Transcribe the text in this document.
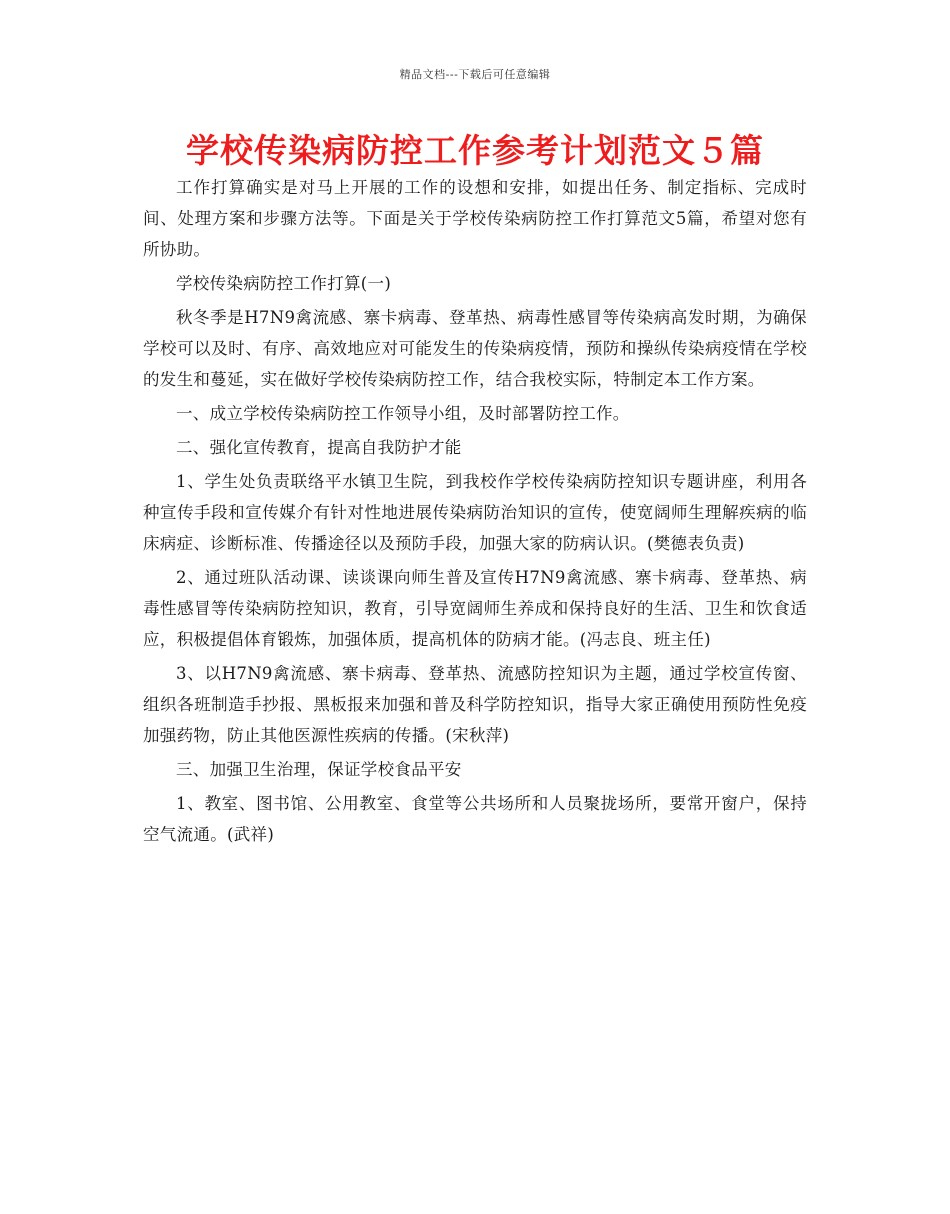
精品文档---下载后可任意编辑
学校传染病防控工作参考计划范文５篇

工作打算确实是对马上开展的工作的设想和安排，如提出任务、制定指标、完成时间、处理方案和步骤方法等。下面是关于学校传染病防控工作打算范文5篇，希望对您有所协助。

学校传染病防控工作打算(一)

秋冬季是H7N9禽流感、寨卡病毒、登革热、病毒性感冒等传染病高发时期，为确保学校可以及时、有序、高效地应对可能发生的传染病疫情，预防和操纵传染病疫情在学校的发生和蔓延，实在做好学校传染病防控工作，结合我校实际，特制定本工作方案。

一、成立学校传染病防控工作领导小组，及时部署防控工作。

二、强化宣传教育，提高自我防护才能

1、学生处负责联络平水镇卫生院，到我校作学校传染病防控知识专题讲座，利用各种宣传手段和宣传媒介有针对性地进展传染病防治知识的宣传，使宽阔师生理解疾病的临床病症、诊断标准、传播途径以及预防手段，加强大家的防病认识。(樊德表负责)

2、通过班队活动课、读谈课向师生普及宣传H7N9禽流感、寨卡病毒、登革热、病毒性感冒等传染病防控知识，教育，引导宽阔师生养成和保持良好的生活、卫生和饮食适应，积极提倡体育锻炼，加强体质，提高机体的防病才能。(冯志良、班主任)

3、以H7N9禽流感、寨卡病毒、登革热、流感防控知识为主题，通过学校宣传窗、组织各班制造手抄报、黑板报来加强和普及科学防控知识，指导大家正确使用预防性免疫加强药物，防止其他医源性疾病的传播。(宋秋萍)

三、加强卫生治理，保证学校食品平安

1、教室、图书馆、公用教室、食堂等公共场所和人员聚拢场所，要常开窗户，保持空气流通。(武祥)
